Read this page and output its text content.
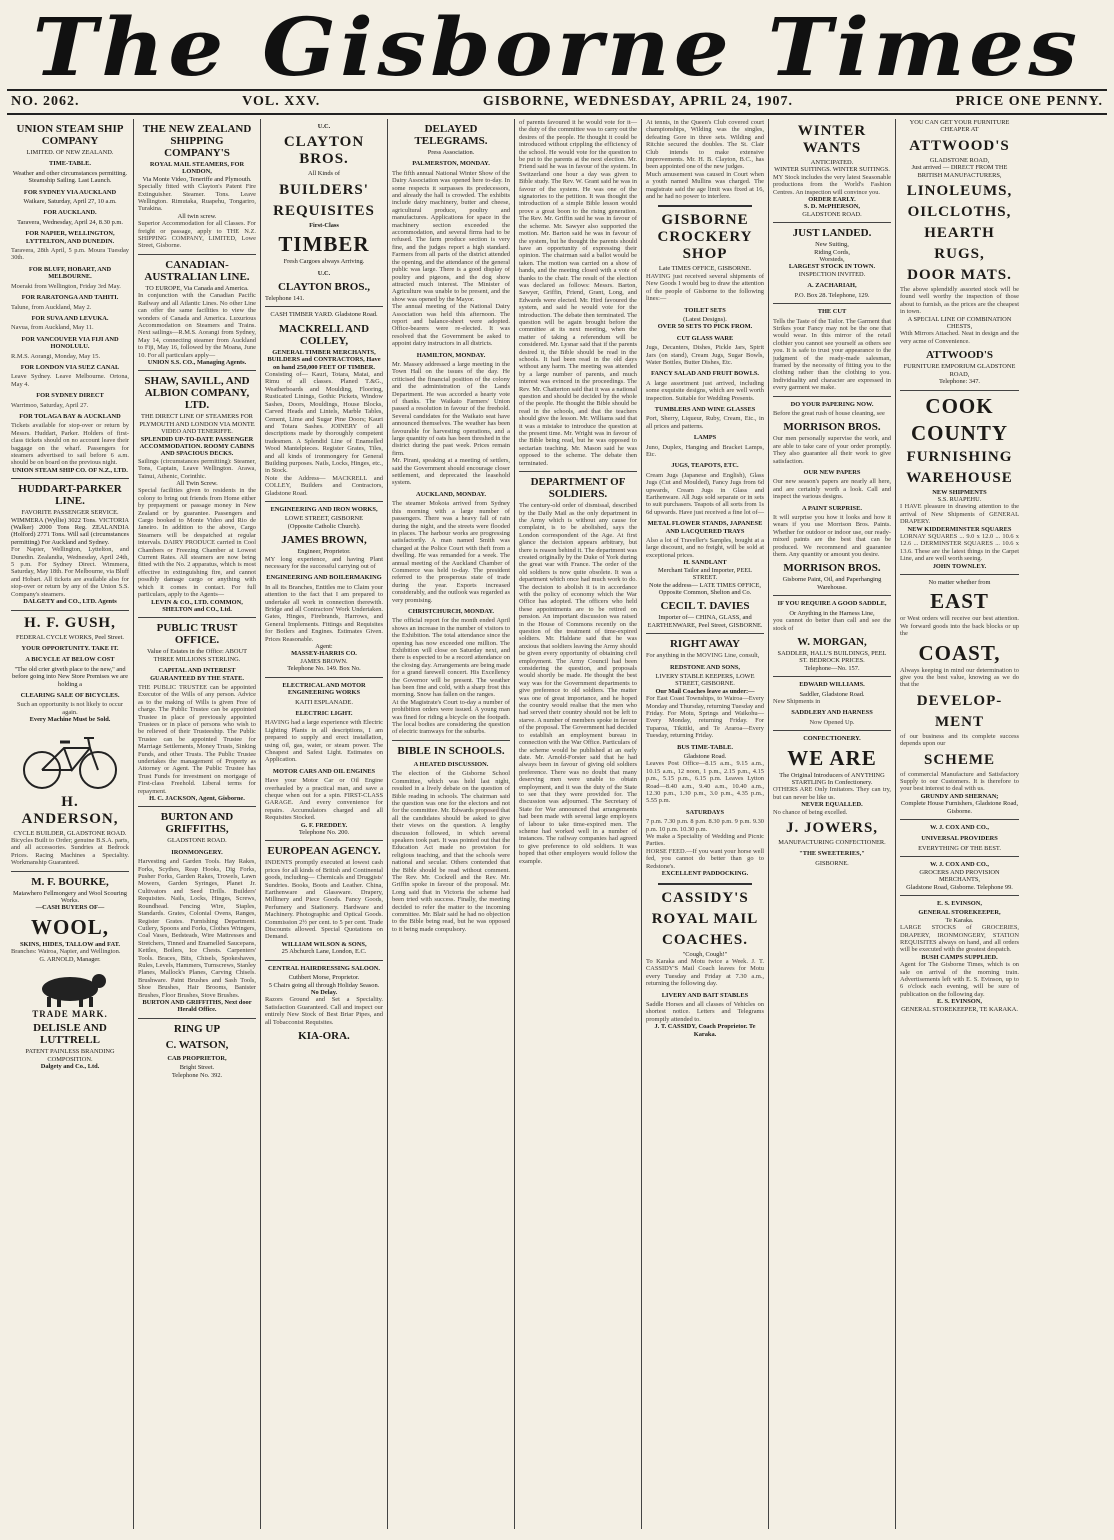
The Gisborne Times
NO. 2062.	VOL. XXV.	GISBORNE, WEDNESDAY, APRIL 24, 1907.	PRICE ONE PENNY.
UNION STEAM SHIP COMPANY
LIMITED. OF NEW ZEALAND.
TIME-TABLE.
Weather and other circumstances permitting. Steamship Sailing. Last Launch.
FOR SYDNEY VIA AUCKLAND
Waikare, Saturday, April 27, 10 a.m.
FOR AUCKLAND.
Taravera, Wednesday, April 24, 8.30 p.m.
FOR NAPIER, WELLINGTON, LYTTELTON, AND DUNEDIN.
Taravera, 28th April, 5 p.m. Moura Tuesday 30th.
FOR BLUFF, HOBART, AND MELBOURNE.
Moeraki from Wellington, Friday 3rd May.
FOR RARATONGA AND TAHITI.
Talune, from Auckland, May 2.
FOR SUVA AND LEVUKA.
Navua, from Auckland, May 11.
FOR VANCOUVER VIA FIJI AND HONOLULU.
R.M.S. Aorangi, Monday, May 15.
FOR LONDON VIA SUEZ CANAL
Leave Sydney. Leave Melbourne. Ortona, May 4.
FOR SYDNEY DIRECT
Warrimoo, Saturday, April 27.
FOR TOLAGA BAY & AUCKLAND
Tickets available for stop-over or return by Messrs. Huddart, Parker. Holders of first-class tickets should on no account leave their baggage on the wharf. Passengers for steamers advertised to sail before 6 a.m. should be on board on the previous night.
UNION STEAM SHIP CO. OF N.Z., LTD.
HUDDART-PARKER LINE.
FAVORITE PASSENGER SERVICE.
WIMMERA (Wyllie) 3022 Tons. VICTORIA (Walker) 2000 Tons Reg. ZEALANDIA (Holford) 2771 Tons. Will sail (circumstances permitting) For Auckland and Sydney.
For Napier, Wellington, Lyttelton, and Dunedin. Zealandia, Wednesday, April 24th, 5 p.m. For Sydney Direct. Wimmera, Saturday, May 18th. For Melbourne, via Bluff and Hobart. All tickets are available also for stop-over or return by any of the Union S.S. Company's steamers.
DALGETY and CO., LTD. Agents
H. F. GUSH,
FEDERAL CYCLE WORKS, Peel Street.
YOUR OPPORTUNITY. TAKE IT.
A BICYCLE AT BELOW COST
"The old crier giveth place to the new," and before going into New Store Premises we are holding a
CLEARING SALE OF BICYCLES.
Such an opportunity is not likely to occur again.
Every Machine Must be Sold.
H. ANDERSON,
CYCLE BUILDER, GLADSTONE ROAD.
Bicycles Built to Order; genuine B.S.A. parts, and all accessories. Sundries at Bedrock Prices. Racing Machines a Speciality. Workmanship Guaranteed.
M. F. BOURKE,
Matawhero Fellmongery and Wool Scouring Works.
—CASH BUYERS OF—
WOOL,
SKINS, HIDES, TALLOW and FAT.
Branches: Wairoa, Napier, and Wellington.
G. ARNOLD, Manager.
TRADE MARK.
DELISLE AND LUTTRELL
PATENT PAINLESS BRANDING COMPOSITION.
Dalgety and Co., Ltd.
THE NEW ZEALAND SHIPPING COMPANY'S
ROYAL MAIL STEAMERS, FOR LONDON,
Via Monte Video, Teneriffe and Plymouth.
Specially fitted with Clayton's Patent Fire Extinguisher. Steamer. Tons. Leave Wellington. Rimutaka, Ruapehu, Tongariro, Turakina.
All twin screw.
Superior Accommodation for all Classes. For freight or passage, apply to THE N.Z. SHIPPING COMPANY, LIMITED, Lowe Street, Gisborne.
CANADIAN-AUSTRALIAN LINE.
TO EUROPE, Via Canada and America.
In conjunction with the Canadian Pacific Railway and all Atlantic Lines. No other Line can offer the same facilities to view the wonders of Canada and America. Luxurious Accommodation on Steamers and Trains. Next sailings—R.M.S. Aorangi from Sydney, May 14, connecting steamer from Auckland to Fiji, May 16, followed by the Moana, June 10. For all particulars apply—
UNION S.S. CO., Managing Agents.
SHAW, SAVILL, AND ALBION COMPANY, LTD.
THE DIRECT LINE OF STEAMERS FOR PLYMOUTH AND LONDON VIA MONTE VIDEO AND TENERIFFE.
SPLENDID UP-TO-DATE PASSENGER ACCOMMODATION. ROOMY CABINS AND SPACIOUS DECKS.
Sailings (circumstances permitting): Steamer, Tons, Captain, Leave Wellington. Arawa, Tainui, Athenic, Corinthic.
All Twin Screw.
Special facilities given to residents in the colony to bring out friends from Home either by prepayment or passage money in New Zealand or by guarantee. Passengers and Cargo booked to Monte Video and Rio de Janeiro. In addition to the above, Cargo Steamers will be despatched at regular intervals. DAIRY PRODUCE carried in Cool Chambers or Freezing Chamber at Lowest Current Rates. All steamers are now being fitted with the No. 2 apparatus, which is most effective in extinguishing fire, and cannot possibly damage cargo or anything with which it comes in contact. For full particulars, apply to the Agents—
LEVIN & CO., LTD. COMMON, SHELTON and CO., Ltd.
PUBLIC TRUST OFFICE.
Value of Estates in the Office: ABOUT THREE MILLIONS STERLING.
CAPITAL AND INTEREST GUARANTEED BY THE STATE.
THE PUBLIC TRUSTEE can be appointed Executor of the Wills of any person. Advice as to the making of Wills is given Free of charge. The Public Trustee can be appointed Trustee in place of previously appointed Trustees or in place of persons who wish to be relieved of their Trusteeship. The Public Trustee can be appointed Trustee for Marriage Settlements, Money Trusts, Sinking Funds, and other Trusts. The Public Trustee undertakes the management of Property as Attorney or Agent. The Public Trustee has Trust Funds for investment on mortgage of First-class Freehold. Liberal terms for repayment.
H. C. JACKSON, Agent, Gisborne.
BURTON AND GRIFFITHS,
GLADSTONE ROAD.
IRONMONGERY.
Harvesting and Garden Tools. Hay Rakes, Forks, Scythes, Reap Hooks, Dig Forks, Pusher Forks, Garden Rakes, Trowels, Lawn Mowers, Garden Syringes, Planet Jr. Cultivators and Seed Drills. Builders' Requisites. Nails, Locks, Hinges, Screws, Roundhead. Fencing Wire, Staples, Standards. Grates, Colonial Ovens, Ranges, Register Grates. Furnishing Department. Cutlery, Spoons and Forks, Clothes Wringers, Coal Vases, Bedsteads, Wire Mattresses and Stretchers, Tinned and Enamelled Saucepans, Kettles, Boilers, Ice Chests. Carpenters' Tools. Braces, Bits, Chisels, Spokeshaves, Rules, Levels, Hammers, Turnscrews, Stanley Planes, Mallock's Planes, Carving Chisels. Brushware. Paint Brushes and Sash Tools, Shoe Brushes, Hair Brooms, Banister Brushes, Floor Brushes, Stove Brushes.
BURTON AND GRIFFITHS, Next door Herald Office.
RING UP
C. WATSON,
CAB PROPRIETOR,
Bright Street.
Telephone No. 392.
U.C.
CLAYTON BROS.
All Kinds of
BUILDERS'
REQUISITES
First-Class
TIMBER
Fresh Cargoes always Arriving.
U.C.
CLAYTON BROS.,
Telephone 141.
CASH TIMBER YARD. Gladstone Road.
MACKRELL AND COLLEY,
GENERAL TIMBER MERCHANTS, BUILDERS and CONTRACTORS, Have on hand 250,000 FEET OF TIMBER.
Consisting of— Kauri, Totara, Matai, and Rimu of all classes. Planed T.&G., Weatherboards and Moulding, Flooring, Rusticated Linings, Gothic Pickets, Window Sashes, Doors, Mouldings, House Blocks, Carved Heads and Lintels, Marble Tables, Cement, Lime and Sugar Pine Doors; Kauri and Totara Sashes. JOINERY of all descriptions made by thoroughly competent tradesmen. A Splendid Line of Enamelled Wood Mantelpieces. Register Grates, Tiles, and all kinds of ironmongery for General Building purposes. Nails, Locks, Hinges, etc., in Stock.
Note the Address— MACKRELL and COLLEY, Builders and Contractors, Gladstone Road.
ENGINEERING AND IRON WORKS,
LOWE STREET, GISBORNE
(Opposite Catholic Church).
JAMES BROWN,
Engineer, Proprietor.
MY long experience, and having Plant necessary for the successful carrying out of
ENGINEERING AND BOILERMAKING
In all its Branches, Entitles me to Claim your attention to the fact that I am prepared to undertake all work in connection therewith. Bridge and all Contractors' Work Undertaken. Gates, Hinges, Firebrands, Harrows, and General Implements. Fittings and Requisites for Boilers and Engines. Estimates Given. Prices Reasonable.
Agent:
MASSEY-HARRIS CO.
JAMES BROWN.
Telephone No. 149. Box No.
ELECTRICAL AND MOTOR ENGINEERING WORKS
KAITI ESPLANADE.
ELECTRIC LIGHT.
HAVING had a large experience with Electric Lighting Plants in all descriptions, I am prepared to supply and erect installation, using oil, gas, water, or steam power. The Cheapest and Safest Light. Estimates on Application.
MOTOR CARS AND OIL ENGINES
Have your Motor Car or Oil Engine overhauled by a practical man, and save a cheque when out for a spin. FIRST-CLASS GARAGE. And every convenience for repairs. Accumulators charged and all Requisites Stocked.
G. F. FREDDEY.
Telephone No. 200.
EUROPEAN AGENCY.
INDENTS promptly executed at lowest cash prices for all kinds of British and Continental goods, including— Chemicals and Druggists' Sundries. Books, Boots and Leather. China, Earthenware and Glassware. Drapery, Millinery and Piece Goods. Fancy Goods, Perfumery and Stationery. Hardware and Machinery. Photographic and Optical Goods. Commission 2½ per cent. to 5 per cent. Trade Discounts allowed. Special Quotations on Demand.
WILLIAM WILSON & SONS,
25 Abchurch Lane, London, E.C.
CENTRAL HAIRDRESSING SALOON.
Cuthbert Morse, Proprietor.
5 Chairs going all through Holiday Season.
No Delay.
Razors Ground and Set a Speciality. Satisfaction Guaranteed. Call and inspect our entirely New Stock of Best Briar Pipes, and all Tobacconist Requisites.
KIA-ORA.
DELAYED TELEGRAMS.
Press Association.
PALMERSTON, MONDAY.
The fifth annual National Winter Show of the Dairy Association was opened here to-day. In some respects it surpasses its predecessors, and already the hall is crowded. The exhibits include dairy machinery, butter and cheese, agricultural produce, poultry and manufactures. Applications for space in the machinery section exceeded the accommodation, and several firms had to be refused. The farm produce section is very fine, and the judges report a high standard. Farmers from all parts of the district attended the opening, and the attendance of the general public was large. There is a good display of poultry and pigeons, and the dog show attracted much interest. The Minister of Agriculture was unable to be present, and the show was opened by the Mayor.
The annual meeting of the National Dairy Association was held this afternoon. The report and balance-sheet were adopted. Office-bearers were re-elected. It was resolved that the Government be asked to appoint dairy instructors in all districts.
HAMILTON, MONDAY.
Mr. Massey addressed a large meeting in the Town Hall on the issues of the day. He criticised the financial position of the colony and the administration of the Lands Department. He was accorded a hearty vote of thanks. The Waikato Farmers' Union passed a resolution in favour of the freehold. Several candidates for the Waikato seat have announced themselves. The weather has been favourable for harvesting operations, and a large quantity of oats has been threshed in the district during the past week. Prices remain firm.
Mr. Pirani, speaking at a meeting of settlers, said the Government should encourage closer settlement, and deprecated the leasehold system.
AUCKLAND, MONDAY.
The steamer Mokoia arrived from Sydney this morning with a large number of passengers. There was a heavy fall of rain during the night, and the streets were flooded in places. The harbour works are progressing satisfactorily. A man named Smith was charged at the Police Court with theft from a dwelling. He was remanded for a week. The annual meeting of the Auckland Chamber of Commerce was held to-day. The president referred to the prosperous state of trade during the year. Exports increased considerably, and the outlook was regarded as very promising.
CHRISTCHURCH, MONDAY.
The official report for the month ended April shows an increase in the number of visitors to the Exhibition. The total attendance since the opening has now exceeded one million. The Exhibition will close on Saturday next, and there is expected to be a record attendance on the closing day. Arrangements are being made for a grand farewell concert. His Excellency the Governor will be present. The weather has been fine and cold, with a sharp frost this morning. Snow has fallen on the ranges.
At the Magistrate's Court to-day a number of prohibition orders were issued. A young man was fined for riding a bicycle on the footpath. The local bodies are considering the question of electric tramways for the suburbs.
BIBLE IN SCHOOLS.
A HEATED DISCUSSION.
The election of the Gisborne School Committee, which was held last night, resulted in a lively debate on the question of Bible reading in schools. The chairman said the question was one for the electors and not for the committee. Mr. Edwards proposed that all the candidates should be asked to give their views on the question. A lengthy discussion followed, in which several speakers took part. It was pointed out that the Education Act made no provision for religious teaching, and that the schools were national and secular. Others contended that the Bible should be read without comment. The Rev. Mr. Cockrell and the Rev. Mr. Griffin spoke in favour of the proposal. Mr. Long said that in Victoria the scheme had been tried with success. Finally, the meeting decided to refer the matter to the incoming committee. Mr. Blair said he had no objection to the Bible being read, but he was opposed to it being made compulsory.
of parents favoured it he would vote for it—the duty of the committee was to carry out the desires of the people. He thought it could be introduced without crippling the efficiency of the school. He would vote for the question to be put to the parents at the next election. Mr. Friend said he was in favour of the system. In Switzerland one hour a day was given to Bible study. The Rev. W. Grant said he was in favour of the system. He was one of the signatories to the petition. It was thought the introduction of a simple Bible lesson would prove a great boon to the rising generation. The Rev. Mr. Griffin said he was in favour of the scheme. Mr. Sawyer also supported the motion. Mr. Barton said he was in favour of the system, but he thought the parents should have an opportunity of expressing their opinion. The chairman said a ballot would be taken. The motion was carried on a show of hands, and the meeting closed with a vote of thanks to the chair. The result of the election was declared as follows: Messrs. Barton, Sawyer, Griffin, Friend, Grant, Long, and Edwards were elected. Mr. Hird favoured the system, and said he would vote for the introduction. The debate then terminated. The question will be again brought before the committee at its next meeting, when the matter of taking a referendum will be considered. Mr. Lysnar said that if the parents desired it, the Bible should be read in the schools. It had been read in the old days without any harm. The meeting was attended by a large number of parents, and much interest was evinced in the proceedings. The Rev. Mr. Chatterton said that it was a national question and should be decided by the whole of the people. He thought the Bible should be read in the schools, and that the teachers should give the lesson. Mr. Williams said that it was a mistake to introduce the question at the present time. Mr. Wright was in favour of the Bible being read, but he was opposed to sectarian teaching. Mr. Mason said he was opposed to the scheme. The debate then terminated.
DEPARTMENT OF SOLDIERS.
The century-old order of dismissal, described by the Daily Mail as the only department in the Army which is without any cause for complaint, is to be abolished, says the London correspondent of the Age. At first glance the decision appears arbitrary, but there is reason behind it. The department was created originally by the Duke of York during the great war with France. The order of the old soldiers is now quite obsolete. It was a department which once had much work to do. The decision to abolish it is in accordance with the policy of economy which the War Office has adopted. The officers who held these appointments are to be retired on pension. An important discussion was raised in the House of Commons recently on the question of the treatment of time-expired soldiers. Mr. Haldane said that he was anxious that soldiers leaving the Army should be given every opportunity of obtaining civil employment. The Army Council had been considering the question, and proposals would shortly be made. He thought the best way was for the Government departments to give preference to old soldiers. The matter was one of great importance, and he hoped the country would realise that the men who had served their country should not be left to starve. A number of members spoke in favour of the proposal. The Government had decided to establish an employment bureau in connection with the War Office. Particulars of the scheme would be published at an early date. Mr. Arnold-Forster said that he had always been in favour of giving old soldiers preference. There was no doubt that many deserving men were unable to obtain employment, and it was the duty of the State to see that they were provided for. The discussion was adjourned. The Secretary of State for War announced that arrangements had been made with several large employers of labour to take time-expired men. The scheme had worked well in a number of instances. The railway companies had agreed to give preference to old soldiers. It was hoped that other employers would follow the example.
At tennis, in the Queen's Club covered court championships, Wilding was the singles, defeating Gore in three sets. Wilding and Ritchie secured the doubles. The St. Clair Club intends to make extensive improvements. Mr. H. B. Clayton, B.C., has been appointed one of the new judges.
Much amusement was caused in Court when a youth named Mullins was charged. The magistrate said the age limit was fixed at 16, and he had no power to interfere.
GISBORNE CROCKERY SHOP
Late TIMES OFFICE, GISBORNE.
HAVING just received several shipments of New Goods I would beg to draw the attention of the people of Gisborne to the following lines:—
TOILET SETS
(Latest Designs).
OVER 50 SETS TO PICK FROM.
CUT GLASS WARE
Jugs, Decanters, Dishes, Pickle Jars, Spirit Jars (on stand), Cream Jugs, Sugar Bowls, Water Bottles, Butter Dishes, Etc.
FANCY SALAD AND FRUIT BOWLS.
A large assortment just arrived, including some exquisite designs, which are well worth inspection. Suitable for Wedding Presents.
TUMBLERS AND WINE GLASSES
Port, Sherry, Liqueur, Ruby, Cream, Etc., in all prices and patterns.
LAMPS
Juno, Duplex, Hanging and Bracket Lamps, Etc.
JUGS, TEAPOTS, ETC.
Cream Jugs (Japanese and English), Glass Jugs (Cut and Moulded), Fancy Jugs from 6d upwards, Cream Jugs in Glass and Earthenware. All Jugs sold separate or in sets to suit purchasers. Teapots of all sorts from 1s 6d upwards. Have just received a fine lot of—
METAL FLOWER STANDS, JAPANESE AND LACQUERED TRAYS
Also a lot of Traveller's Samples, bought at a large discount, and no freight, will be sold at exceptional prices.
H. SANDLANT
Merchant Tailor and Importer, PEEL STREET.
Note the address— LATE TIMES OFFICE, Opposite Common, Shelton and Co.
CECIL T. DAVIES
Importer of— CHINA, GLASS, and EARTHENWARE, Peel Street, GISBORNE.
RIGHT AWAY
For anything in the MOVING Line, consult,
REDSTONE AND SONS,
LIVERY STABLE KEEPERS, LOWE STREET, GISBORNE.
Our Mail Coaches leave as under:—
For East Coast Townships, to Wairoa—Every Monday and Thursday, returning Tuesday and Friday. For Motu, Springs and Waikohu—Every Monday, returning Friday. For Tuparoa, Tikitiki, and Te Araroa—Every Tuesday, returning Friday.
BUS TIME-TABLE.
Gladstone Road.
Leaves Post Office—8.15 a.m., 9.15 a.m., 10.15 a.m., 12 noon, 1 p.m., 2.15 p.m., 4.15 p.m., 5.15 p.m., 6.15 p.m. Leaves Lytton Road—8.40 a.m., 9.40 a.m., 10.40 a.m., 12.30 p.m., 1.30 p.m., 3.0 p.m., 4.35 p.m., 5.55 p.m.
SATURDAYS
7 p.m. 7.30 p.m. 8 p.m. 8.30 p.m. 9 p.m. 9.30 p.m. 10 p.m. 10.30 p.m.
We make a Speciality of Wedding and Picnic Parties.
HORSE FEED.—If you want your horse well fed, you cannot do better than go to Redstone's.
EXCELLENT PADDOCKING.
CASSIDY'S
ROYAL MAIL
COACHES.
"Cough, Cough!"
To Karaka and Motu twice a Week. J. T. CASSIDY'S Mail Coach leaves for Motu every Tuesday and Friday at 7.30 a.m., returning the following day.
LIVERY AND BAIT STABLES
Saddle Horses and all classes of Vehicles on shortest notice. Letters and Telegrams promptly attended to.
J. T. CASSIDY, Coach Proprietor. Te Karaka.
WINTER WANTS
ANTICIPATED.
WINTER SUITINGS. WINTER SUITINGS.
MY Stock includes the very latest Seasonable productions from the World's Fashion Centres. An inspection will convince you.
ORDER EARLY.
S. D. McPHERSON,
GLADSTONE ROAD.
JUST LANDED.
New Suiting,
Riding Cords,
Worsteds,
LARGEST STOCK IN TOWN.
INSPECTION INVITED.
A. ZACHARIAH,
P.O. Box 28. Telephone, 129.
THE CUT
Tells the Taste of the Tailor. The Garment that Strikes your Fancy may not be the one that would wear. In this mirror of the retail clothier you cannot see yourself as others see you. It is safe to trust your appearance to the judgment of the ready-made salesman, framed by the necessity of fitting you to the clothing rather than the clothing to you. Individuality and character are expressed in every garment we make.
DO YOUR PAPERING NOW.
Before the great rush of house cleaning, see
MORRISON BROS.
Our men personally supervise the work, and are able to take care of your order promptly. They also guarantee all their work to give satisfaction.
OUR NEW PAPERS
Our new season's papers are nearly all here, and are certainly worth a look. Call and inspect the various designs.
A PAINT SURPRISE.
It will surprise you how it looks and how it wears if you use Morrison Bros. Paints. Whether for outdoor or indoor use, our ready-mixed paints are the best that can be produced. We recommend and guarantee them. Any quantity or amount you desire.
MORRISON BROS.
Gisborne Paint, Oil, and Paperhanging Warehouse.
IF YOU REQUIRE A GOOD SADDLE,
Or Anything in the Harness Line,
you cannot do better than call and see the stock of
W. MORGAN,
SADDLER, HALL'S BUILDINGS, PEEL ST. BEDROCK PRICES.
Telephone—No. 157.
EDWARD WILLIAMS.
Saddler, Gladstone Road.
New Shipments in
SADDLERY AND HARNESS
Now Opened Up.
CONFECTIONERY.
WE ARE
The Original Introducers of ANYTHING STARTLING In Confectionery.
OTHERS ARE Only Imitators. They can try, but can never be like us.
NEVER EQUALLED.
No chance of being excelled.
J. JOWERS,
MANUFACTURING CONFECTIONER.
"THE SWEETERIES,"
GISBORNE.
YOU CAN GET YOUR FURNITURE CHEAPER AT
ATTWOOD'S
GLADSTONE ROAD,
Just arrived — DIRECT FROM THE BRITISH MANUFACTURERS,
LINOLEUMS,
OILCLOTHS,
HEARTH
RUGS,
DOOR MATS.
The above splendidly assorted stock will be found well worthy the inspection of those about to furnish, as the prices are the cheapest in town.
A SPECIAL LINE OF COMBINATION CHESTS,
With Mirrors Attached. Neat in design and the very acme of Convenience.
ATTWOOD'S
FURNITURE EMPORIUM GLADSTONE ROAD,
Telephone: 347.
COOK
COUNTY
FURNISHING
WAREHOUSE
NEW SHIPMENTS
S.S. RUAPEHU.
I HAVE pleasure in drawing attention to the arrival of New Shipments of GENERAL DRAPERY.
NEW KIDDERMINSTER SQUARES
LORNAY SQUARES ... 9.0 x 12.0 ... 10.6 x 12.6 ... DERMINSTER SQUARES ... 10.6 x 13.6. These are the latest things in the Carpet Line, and are well worth seeing.
JOHN TOWNLEY.
No matter whether from
EAST
or West orders will receive our best attention. We forward goods into the back blocks or up the
COAST,
Always keeping in mind our determination to give you the best value, knowing as we do that the
DEVELOP-
MENT
of our business and its complete success depends upon our
SCHEME
of commercial Manufacture and Satisfactory Supply to our Customers. It is therefore to your best interest to deal with us.
GRUNDY AND SHERNAN;
Complete House Furnishers, Gladstone Road, Gisborne.
W. J. COX AND CO.,
UNIVERSAL PROVIDERS
EVERYTHING OF THE BEST.
W. J. COX AND CO.,
GROCERS AND PROVISION MERCHANTS,
Gladstone Road, Gisborne. Telephone 99.
E. S. EVINSON,
GENERAL STOREKEEPER,
Te Karaka.
LARGE STOCKS of GROCERIES, DRAPERY, IRONMONGERY, STATION REQUISITES always on hand, and all orders will be executed with the greatest despatch.
BUSH CAMPS SUPPLIED.
Agent for The Gisborne Times, which is on sale on arrival of the morning train. Advertisements left with E. S. Evinson, up to 6 o'clock each evening, will be sure of publication on the following day.
E. S. EVINSON,
GENERAL STOREKEEPER, TE KARAKA.
